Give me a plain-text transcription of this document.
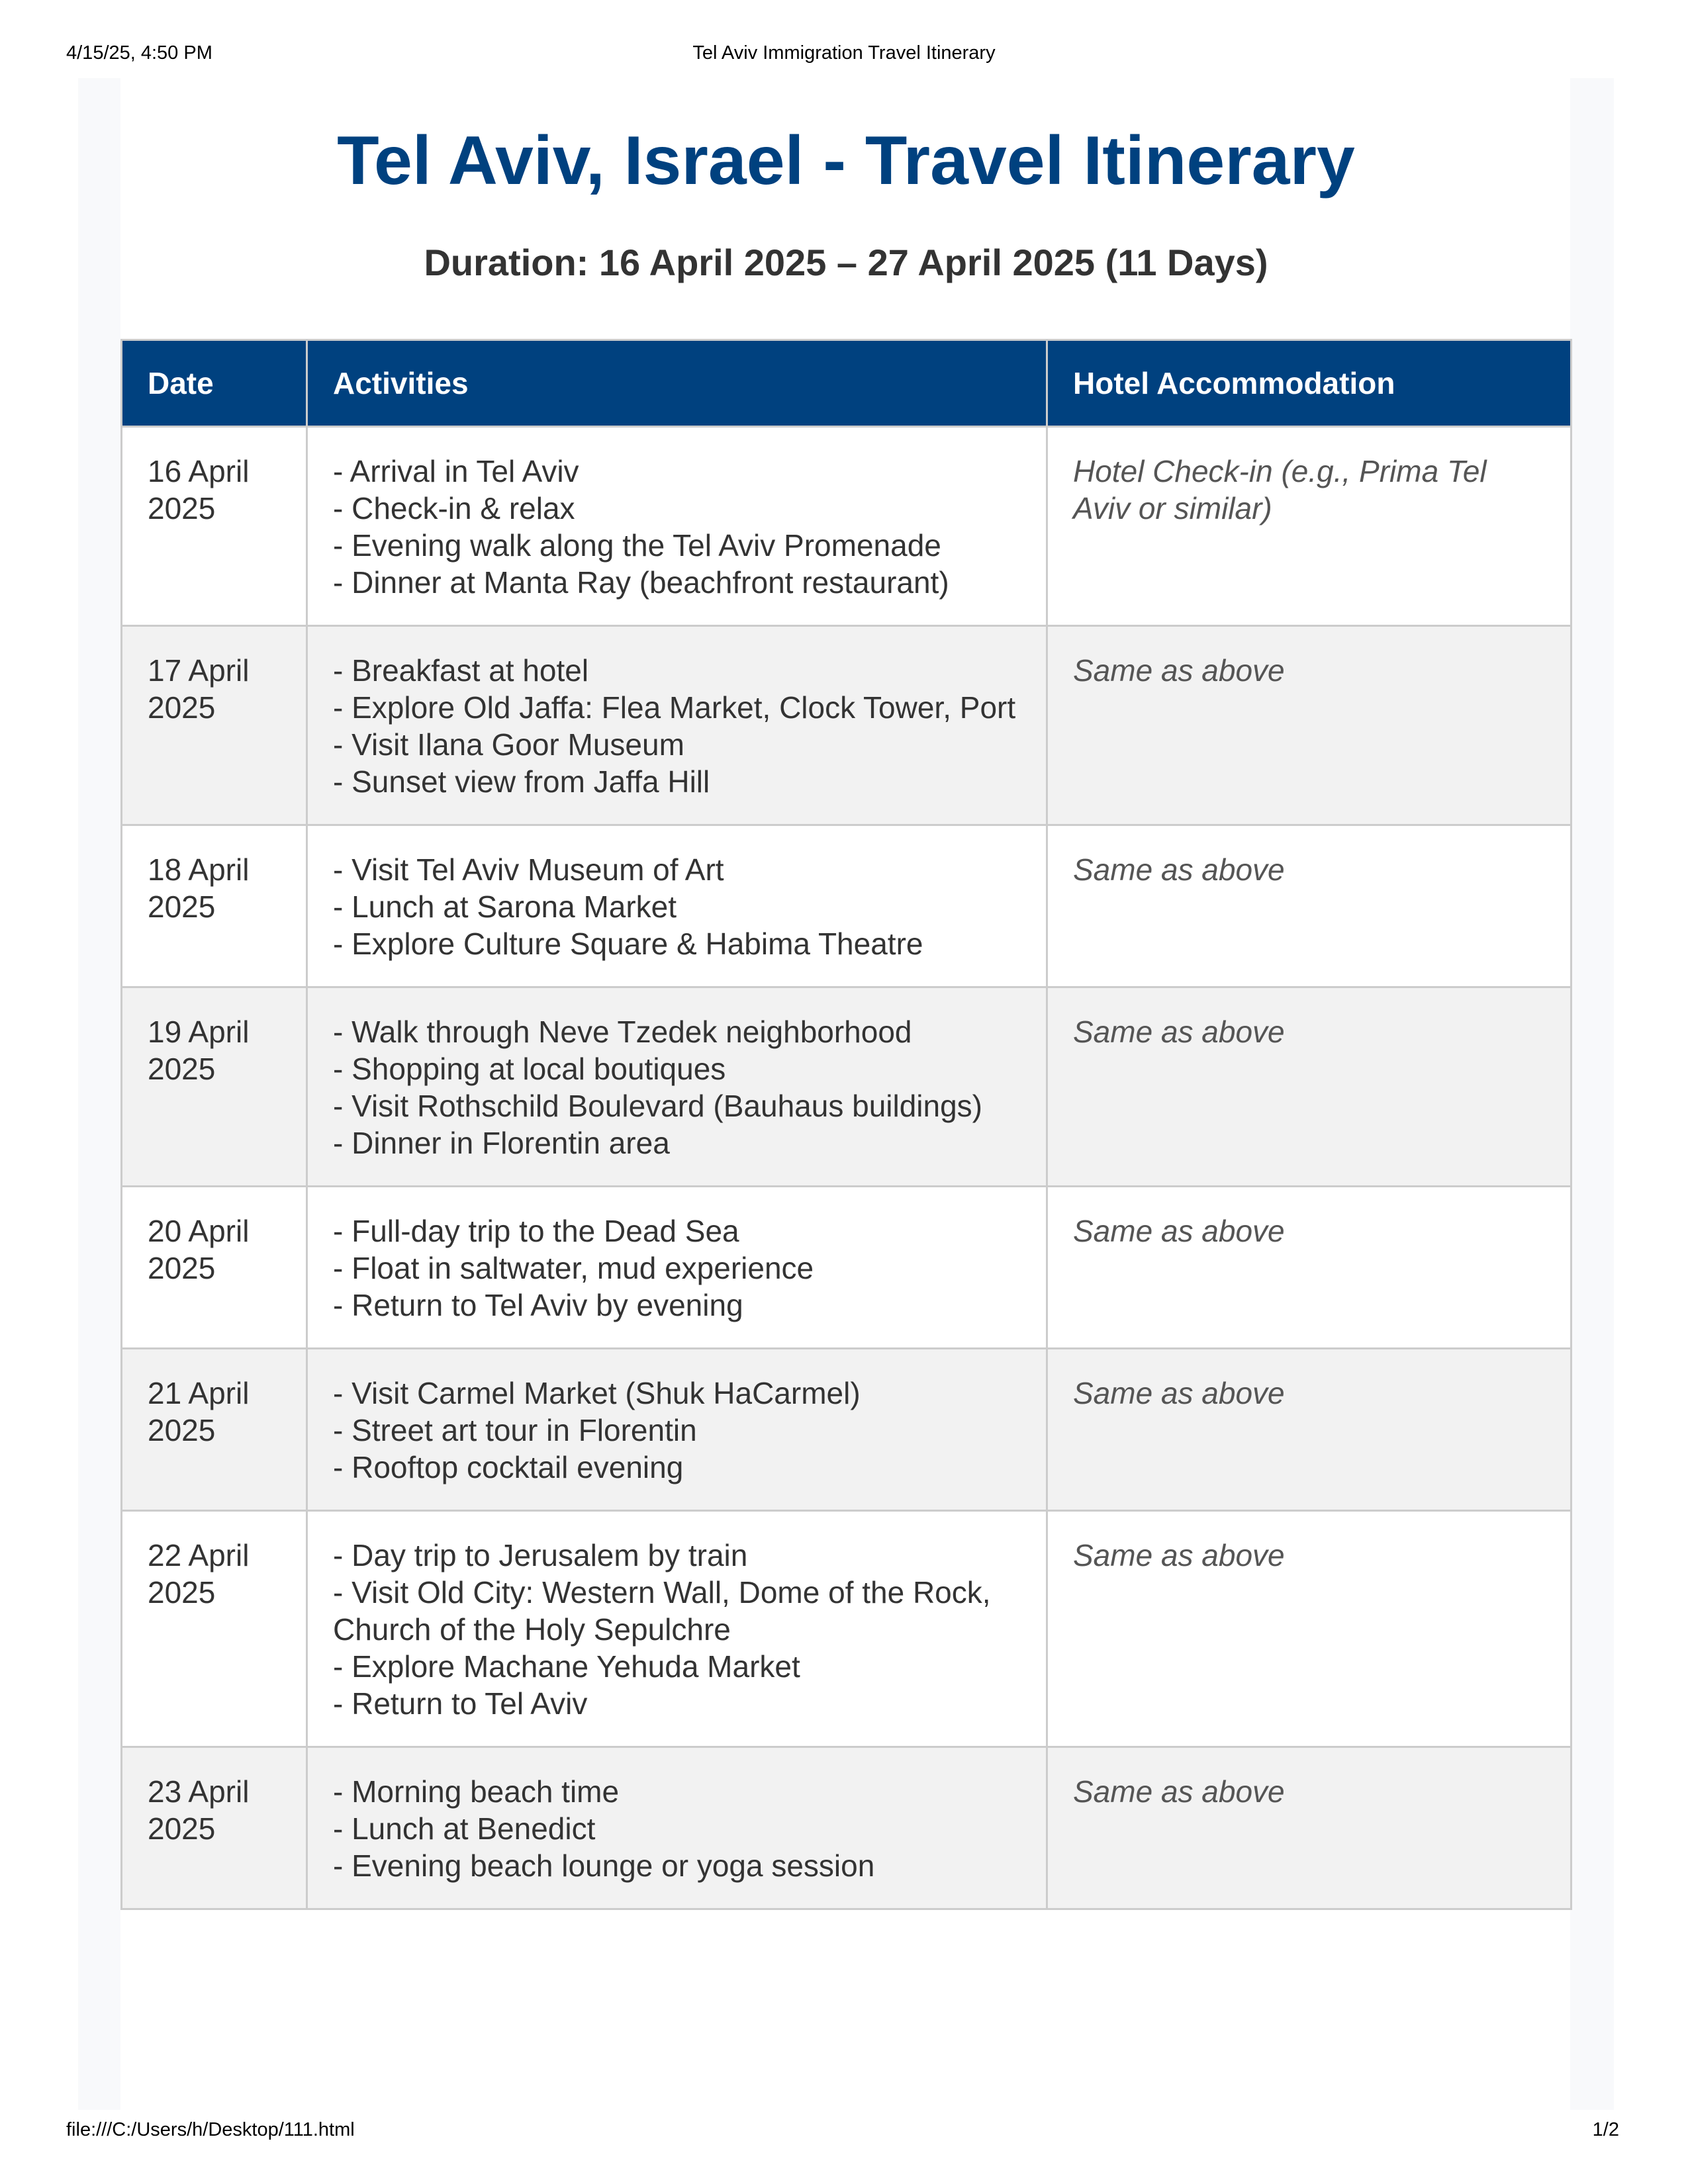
4/15/25, 4:50 PM	Tel Aviv Immigration Travel Itinerary
Tel Aviv, Israel - Travel Itinerary
Duration: 16 April 2025 – 27 April 2025 (11 Days)
Date	Activities	Hotel Accommodation
16 April 2025	- Arrival in Tel Aviv
- Check-in & relax
- Evening walk along the Tel Aviv Promenade
- Dinner at Manta Ray (beachfront restaurant)	Hotel Check-in (e.g., Prima Tel Aviv or similar)
17 April 2025	- Breakfast at hotel
- Explore Old Jaffa: Flea Market, Clock Tower, Port
- Visit Ilana Goor Museum
- Sunset view from Jaffa Hill	Same as above
18 April 2025	- Visit Tel Aviv Museum of Art
- Lunch at Sarona Market
- Explore Culture Square & Habima Theatre	Same as above
19 April 2025	- Walk through Neve Tzedek neighborhood
- Shopping at local boutiques
- Visit Rothschild Boulevard (Bauhaus buildings)
- Dinner in Florentin area	Same as above
20 April 2025	- Full-day trip to the Dead Sea
- Float in saltwater, mud experience
- Return to Tel Aviv by evening	Same as above
21 April 2025	- Visit Carmel Market (Shuk HaCarmel)
- Street art tour in Florentin
- Rooftop cocktail evening	Same as above
22 April 2025	- Day trip to Jerusalem by train
- Visit Old City: Western Wall, Dome of the Rock, Church of the Holy Sepulchre
- Explore Machane Yehuda Market
- Return to Tel Aviv	Same as above
23 April 2025	- Morning beach time
- Lunch at Benedict
- Evening beach lounge or yoga session	Same as above
file:///C:/Users/h/Desktop/111.html	1/2
